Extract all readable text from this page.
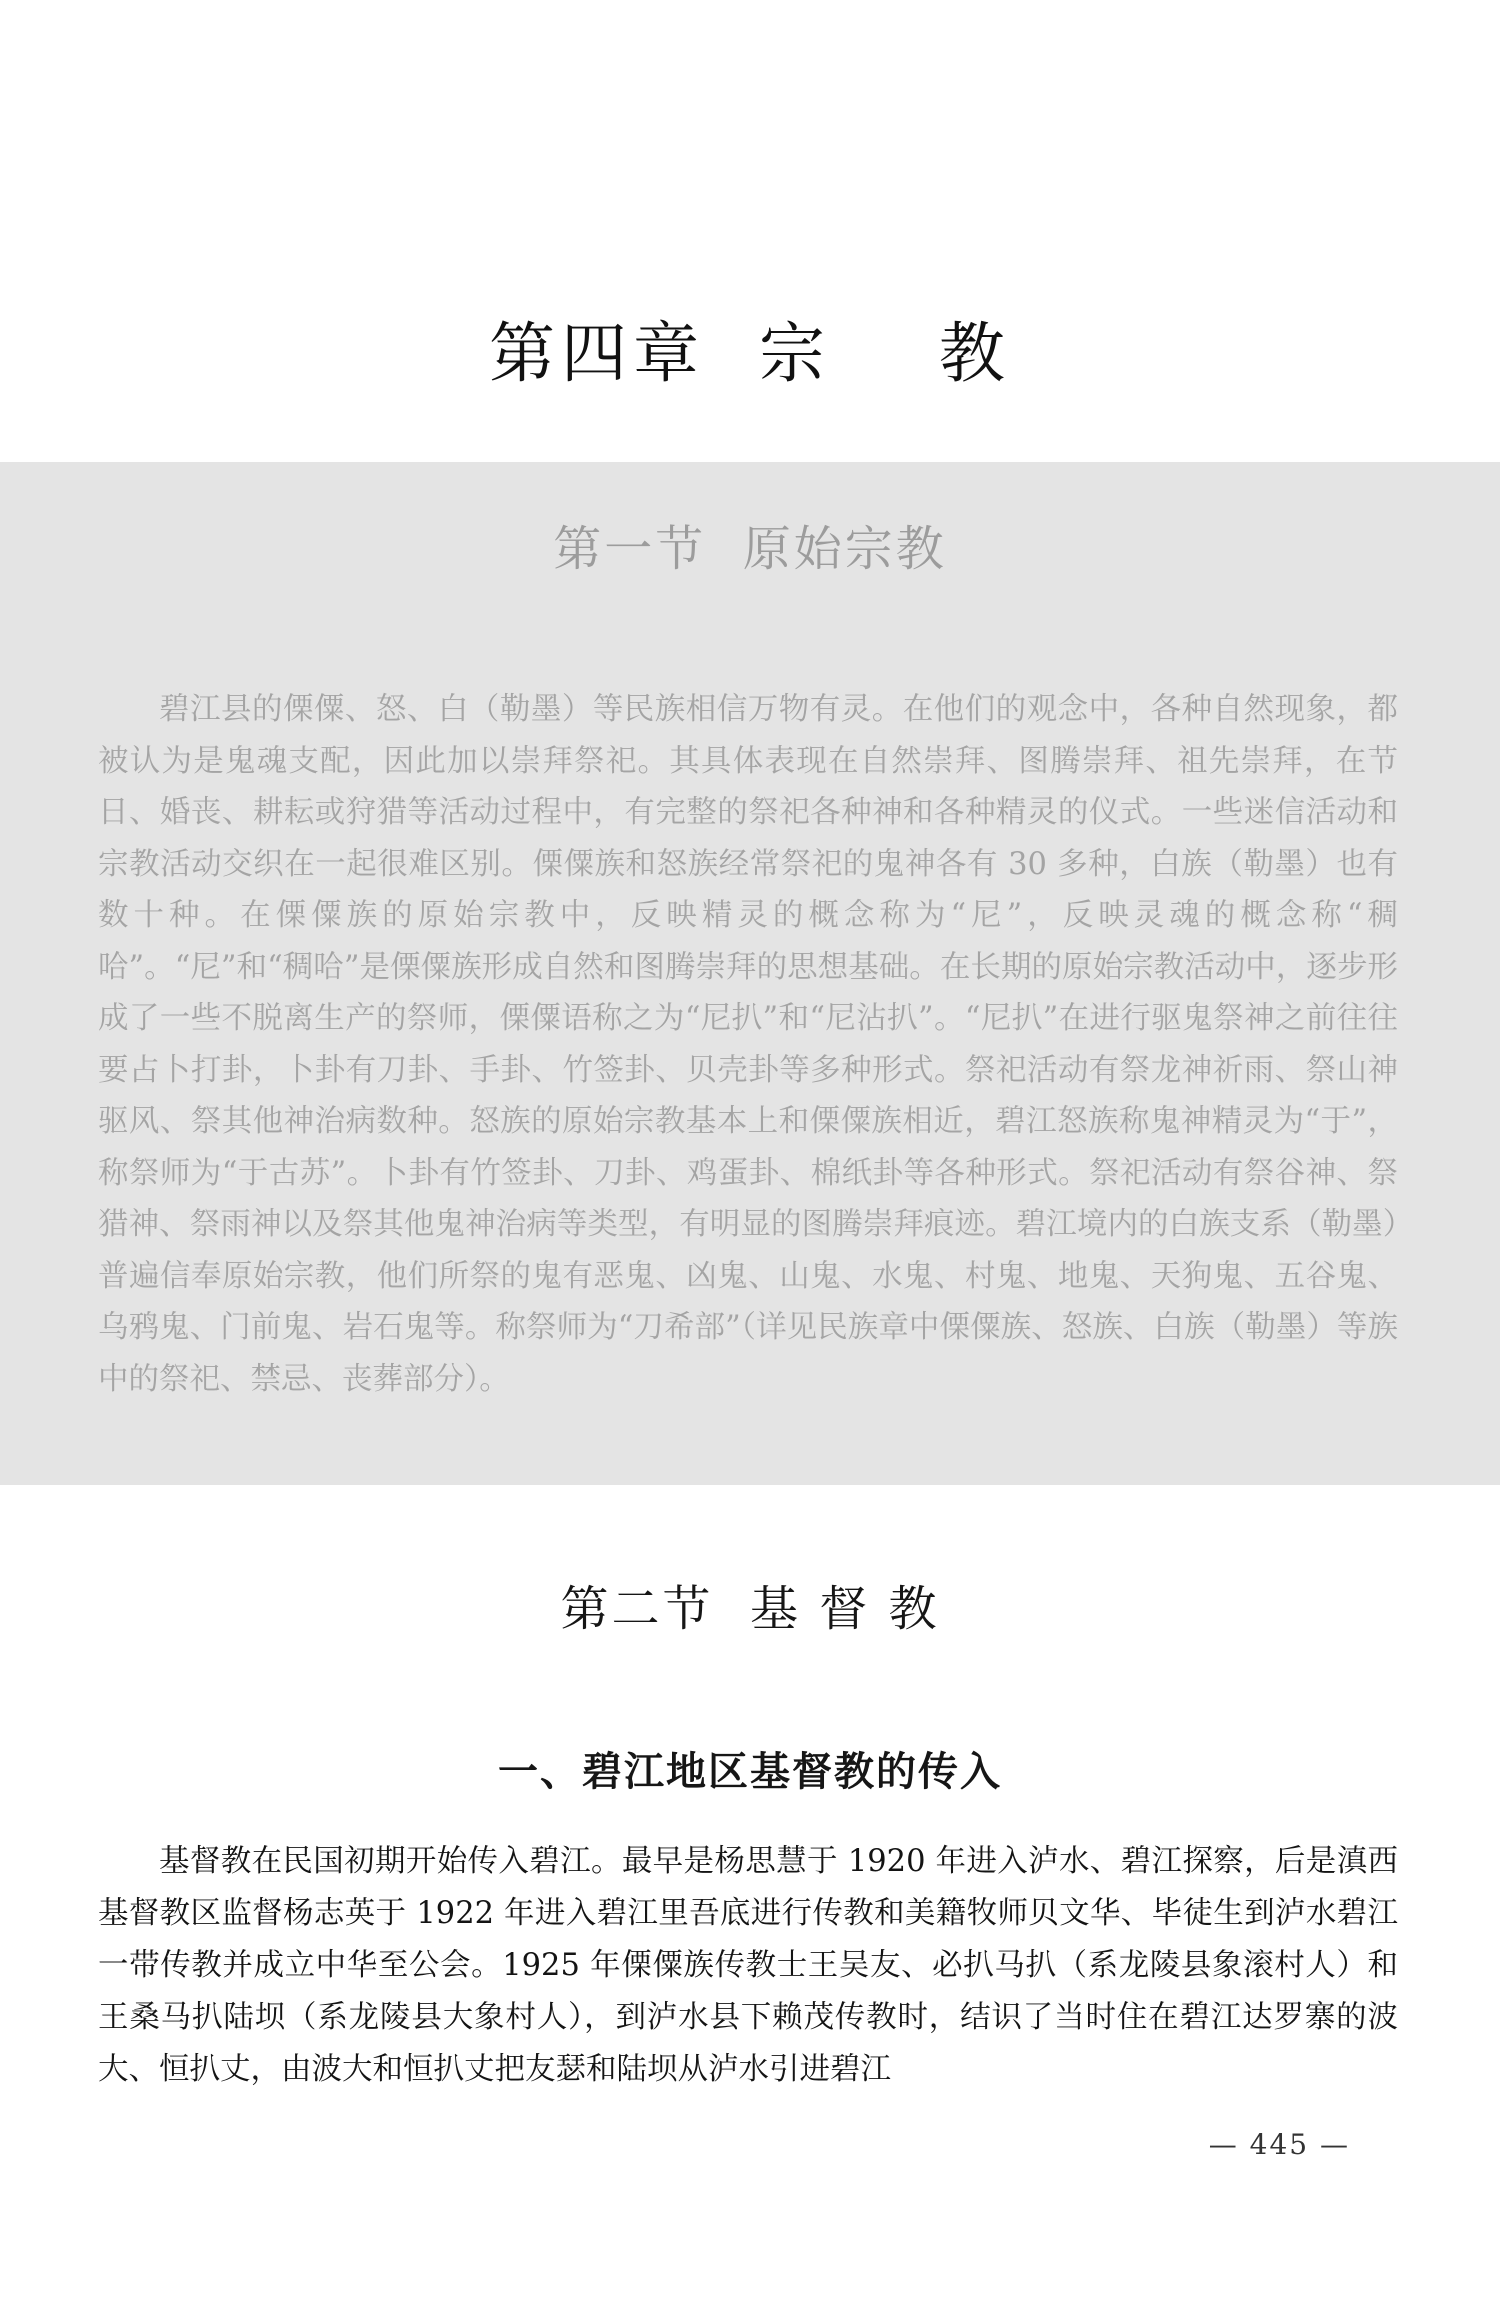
第四章  宗    教
第一节  原始宗教

碧江县的傈僳、怒、白（勒墨）等民族相信万物有灵。在他们的观念中，各种自然现象，都被认为是鬼魂支配，因此加以崇拜祭祀。其具体表现在自然崇拜、图腾崇拜、祖先崇拜，在节日、婚丧、耕耘或狩猎等活动过程中，有完整的祭祀各种神和各种精灵的仪式。一些迷信活动和宗教活动交织在一起很难区别。傈僳族和怒族经常祭祀的鬼神各有 30 多种，白族（勒墨）也有数十种。在傈僳族的原始宗教中，反映精灵的概念称为“尼”，反映灵魂的概念称“稠哈”。“尼”和“稠哈”是傈僳族形成自然和图腾崇拜的思想基础。在长期的原始宗教活动中，逐步形成了一些不脱离生产的祭师，傈僳语称之为“尼扒”和“尼沾扒”。“尼扒”在进行驱鬼祭神之前往往要占卜打卦，卜卦有刀卦、手卦、竹签卦、贝壳卦等多种形式。祭祀活动有祭龙神祈雨、祭山神驱风、祭其他神治病数种。怒族的原始宗教基本上和傈僳族相近，碧江怒族称鬼神精灵为“于”，称祭师为“于古苏”。卜卦有竹签卦、刀卦、鸡蛋卦、棉纸卦等各种形式。祭祀活动有祭谷神、祭猎神、祭雨神以及祭其他鬼神治病等类型，有明显的图腾崇拜痕迹。碧江境内的白族支系（勒墨）普遍信奉原始宗教，他们所祭的鬼有恶鬼、凶鬼、山鬼、水鬼、村鬼、地鬼、天狗鬼、五谷鬼、乌鸦鬼、门前鬼、岩石鬼等。称祭师为“刀希部”（详见民族章中傈僳族、怒族、白族（勒墨）等族中的祭祀、禁忌、丧葬部分）。

第二节  基 督 教
一、碧江地区基督教的传入

基督教在民国初期开始传入碧江。最早是杨思慧于 1920 年进入泸水、碧江探察，后是滇西基督教区监督杨志英于 1922 年进入碧江里吾底进行传教和美籍牧师贝文华、毕徒生到泸水碧江一带传教并成立中华至公会。1925 年傈僳族传教士王吴友、必扒马扒（系龙陵县象滚村人）和王桑马扒陆坝（系龙陵县大象村人），到泸水县下赖茂传教时，结识了当时住在碧江达罗寨的波大、恒扒丈，由波大和恒扒丈把友瑟和陆坝从泸水引进碧江

— 445 —
